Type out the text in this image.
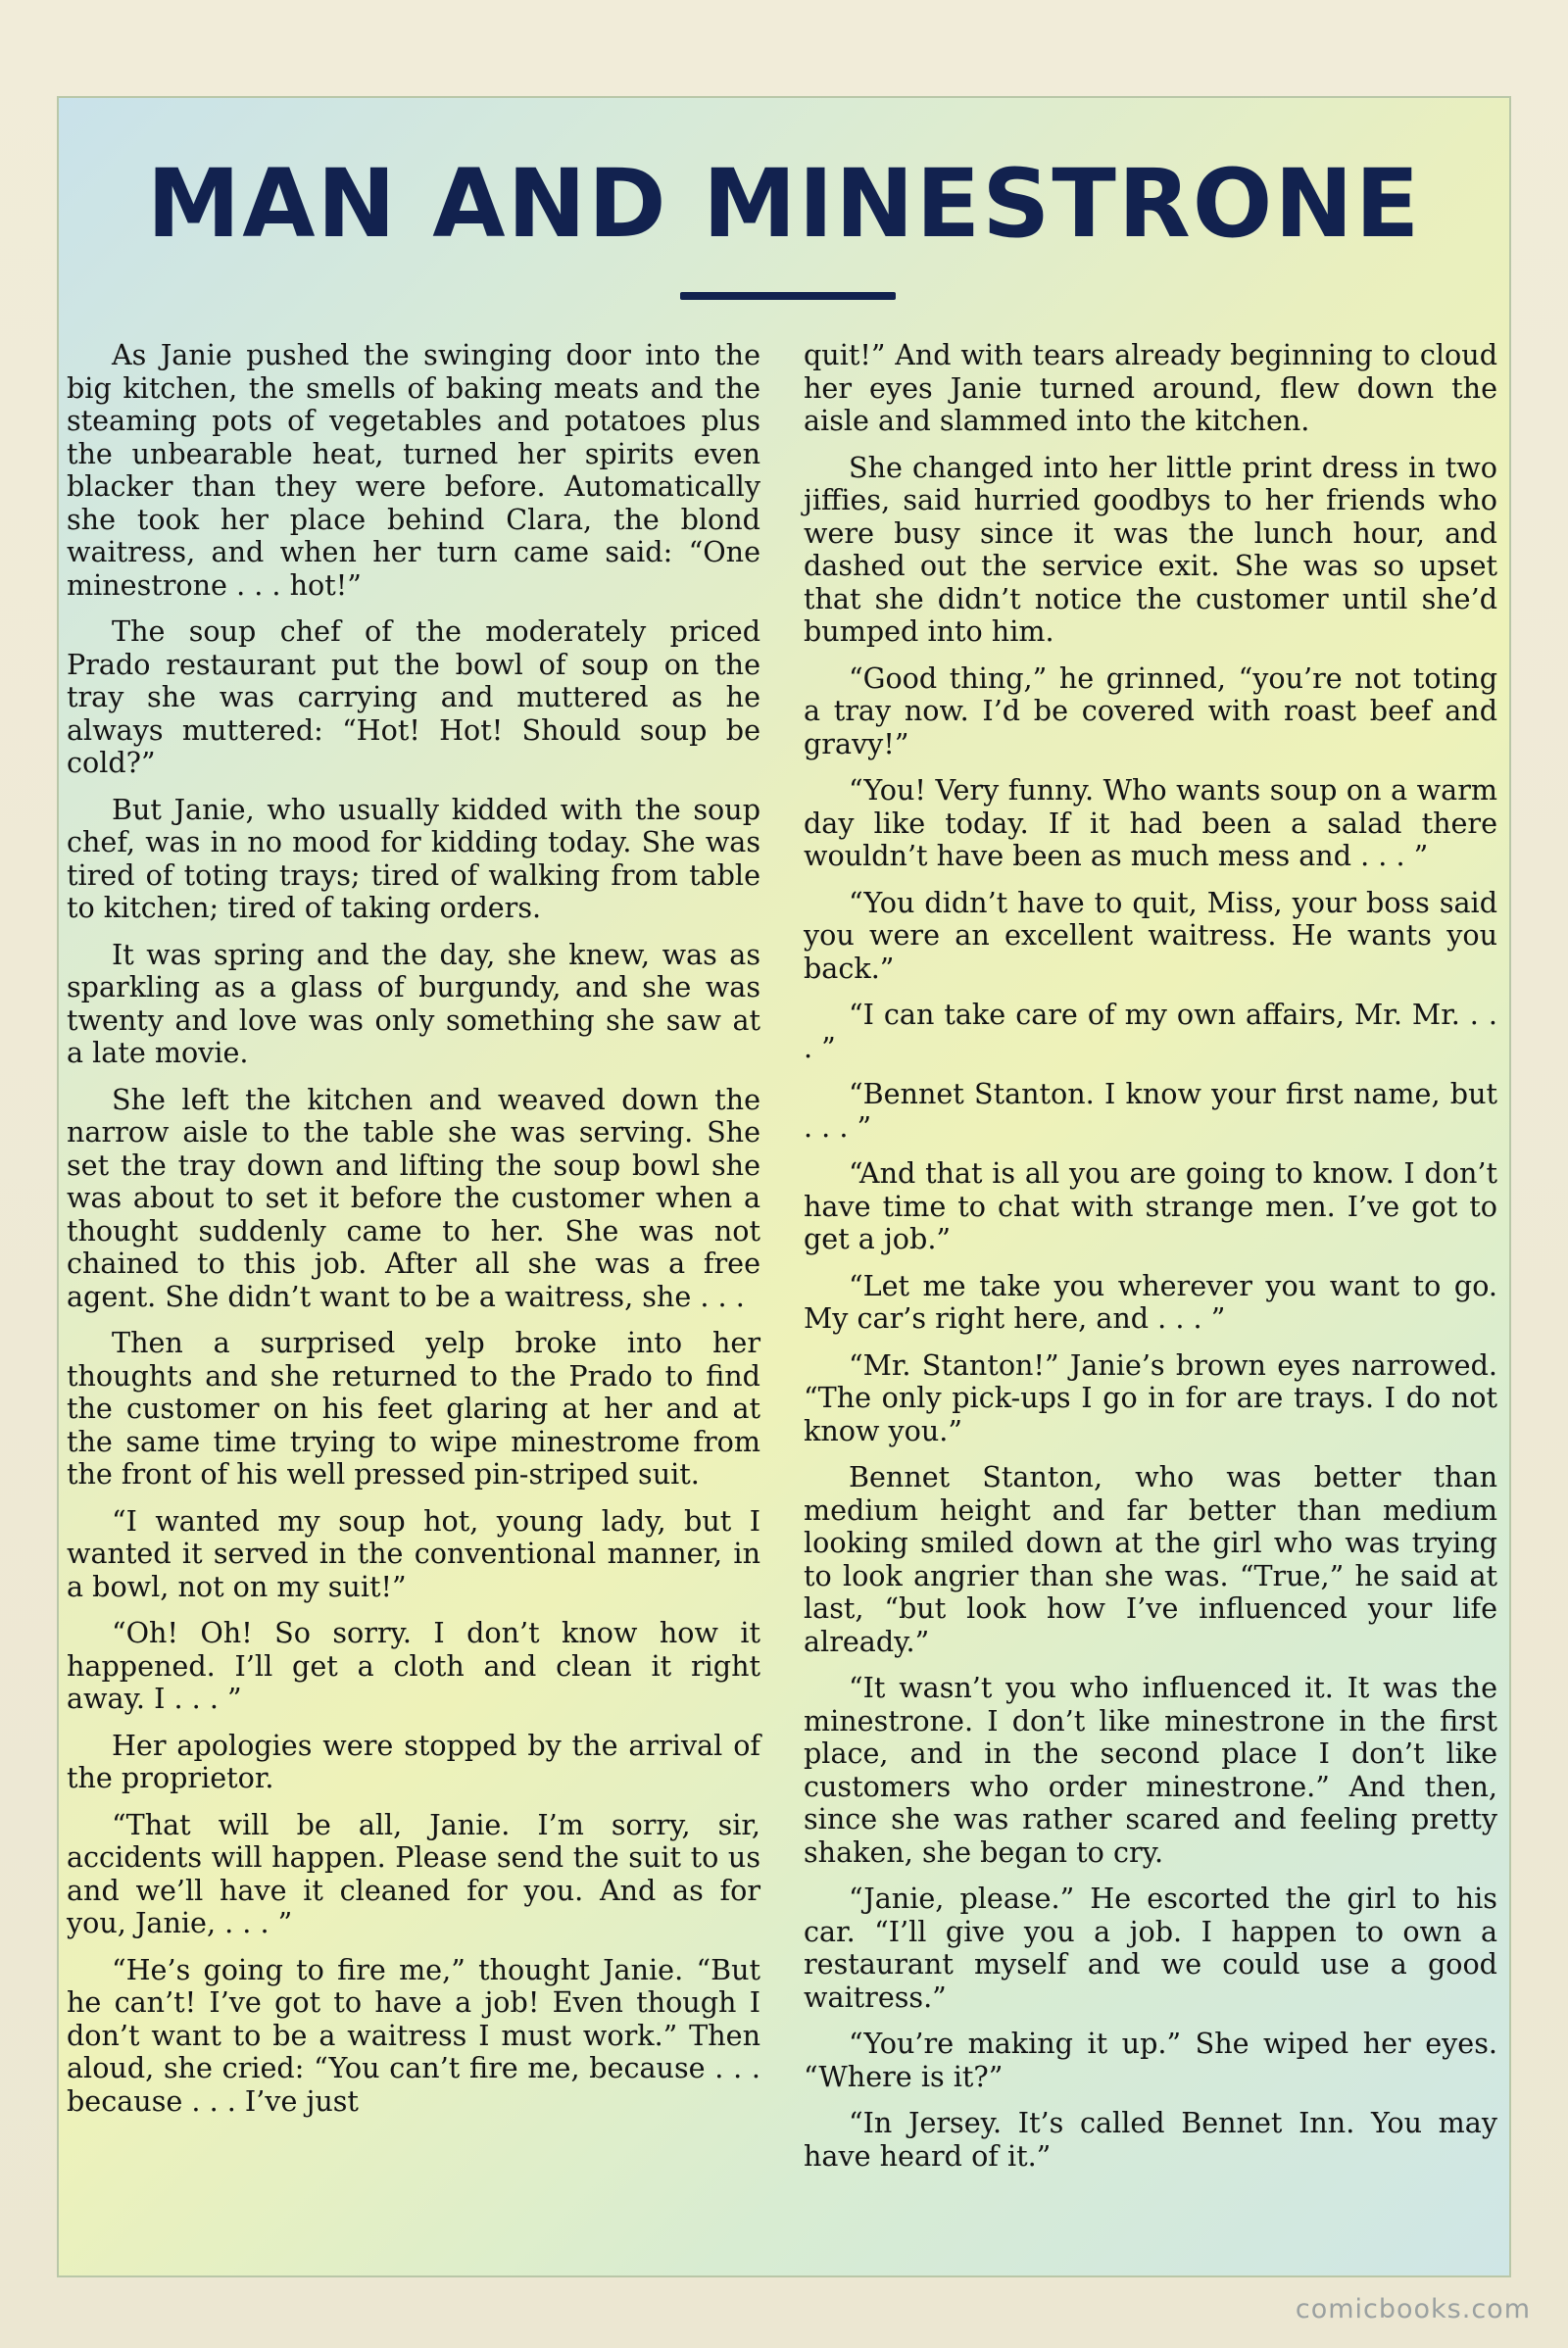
MAN AND MINESTRONE

As Janie pushed the swinging door into the big kitchen, the smells of baking meats and the steaming pots of vegetables and potatoes plus the unbearable heat, turned her spirits even blacker than they were before. Automatically she took her place behind Clara, the blond waitress, and when her turn came said: “One minestrone . . . hot!”

The soup chef of the moderately priced Prado restaurant put the bowl of soup on the tray she was carrying and muttered as he always muttered: “Hot! Hot! Should soup be cold?”

But Janie, who usually kidded with the soup chef, was in no mood for kidding today. She was tired of toting trays; tired of walking from table to kitchen; tired of taking orders.

It was spring and the day, she knew, was as sparkling as a glass of burgundy, and she was twenty and love was only something she saw at a late movie.

She left the kitchen and weaved down the narrow aisle to the table she was serving. She set the tray down and lifting the soup bowl she was about to set it before the customer when a thought suddenly came to her. She was not chained to this job. After all she was a free agent. She didn’t want to be a waitress, she . . .

Then a surprised yelp broke into her thoughts and she returned to the Prado to find the customer on his feet glaring at her and at the same time trying to wipe minestrome from the front of his well pressed pin-striped suit.

“I wanted my soup hot, young lady, but I wanted it served in the conventional manner, in a bowl, not on my suit!”

“Oh! Oh! So sorry. I don’t know how it happened. I’ll get a cloth and clean it right away. I . . . ”

Her apologies were stopped by the arrival of the proprietor.

“That will be all, Janie. I’m sorry, sir, accidents will happen. Please send the suit to us and we’ll have it cleaned for you. And as for you, Janie, . . . ”

“He’s going to fire me,” thought Janie. “But he can’t! I’ve got to have a job! Even though I don’t want to be a waitress I must work.” Then aloud, she cried: “You can’t fire me, because . . . because . . . I’ve just

quit!” And with tears already beginning to cloud her eyes Janie turned around, flew down the aisle and slammed into the kitchen.

She changed into her little print dress in two jiffies, said hurried goodbys to her friends who were busy since it was the lunch hour, and dashed out the service exit. She was so upset that she didn’t notice the customer until she’d bumped into him.

“Good thing,” he grinned, “you’re not toting a tray now. I’d be covered with roast beef and gravy!”

“You! Very funny. Who wants soup on a warm day like today. If it had been a salad there wouldn’t have been as much mess and . . . ”

“You didn’t have to quit, Miss, your boss said you were an excellent waitress. He wants you back.”

“I can take care of my own affairs, Mr. Mr. . . . ”

“Bennet Stanton. I know your first name, but . . . ”

“And that is all you are going to know. I don’t have time to chat with strange men. I’ve got to get a job.”

“Let me take you wherever you want to go. My car’s right here, and . . . ”

“Mr. Stanton!” Janie’s brown eyes narrowed. “The only pick-ups I go in for are trays. I do not know you.”

Bennet Stanton, who was better than medium height and far better than medium looking smiled down at the girl who was trying to look angrier than she was. “True,” he said at last, “but look how I’ve influenced your life already.”

“It wasn’t you who influenced it. It was the minestrone. I don’t like minestrone in the first place, and in the second place I don’t like customers who order minestrone.” And then, since she was rather scared and feeling pretty shaken, she began to cry.

“Janie, please.” He escorted the girl to his car. “I’ll give you a job. I happen to own a restaurant myself and we could use a good waitress.”

“You’re making it up.” She wiped her eyes. “Where is it?”

“In Jersey. It’s called Bennet Inn. You may have heard of it.”

comicbooks.com
